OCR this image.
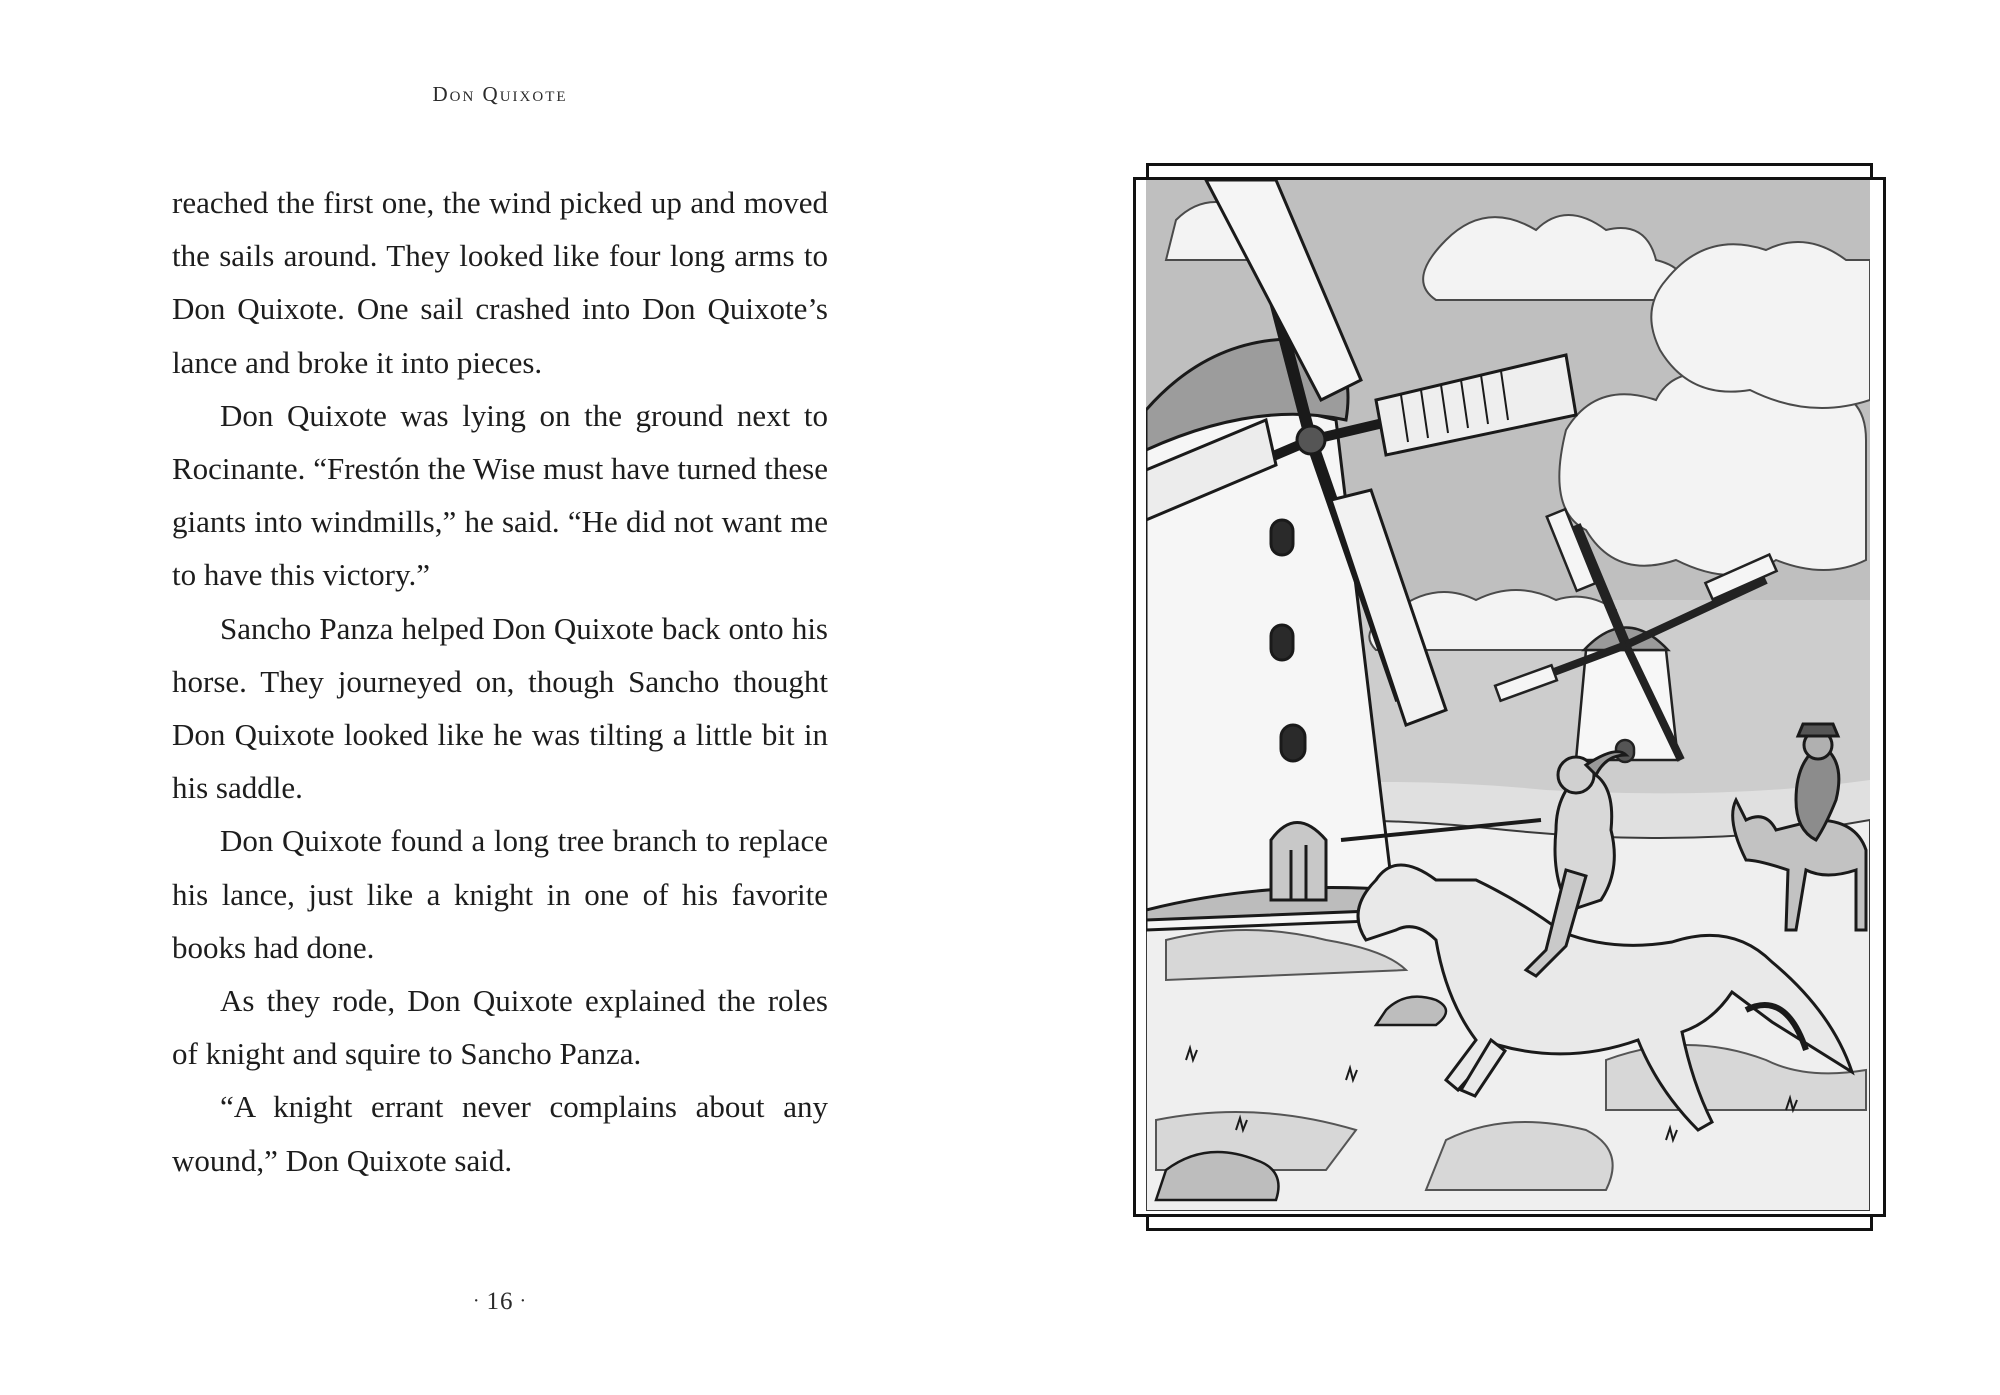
Don Quixote

reached the first one, the wind picked up and moved the sails around. They looked like four long arms to Don Quixote. One sail crashed into Don Quixote’s lance and broke it into pieces.

Don Quixote was lying on the ground next to Rocinante. “Frestón the Wise must have turned these giants into windmills,” he said. “He did not want me to have this victory.”

Sancho Panza helped Don Quixote back onto his horse. They journeyed on, though Sancho thought Don Quixote looked like he was tilting a little bit in his saddle.

Don Quixote found a long tree branch to replace his lance, just like a knight in one of his favorite books had done.

As they rode, Don Quixote explained the roles of knight and squire to Sancho Panza.

“A knight errant never complains about any wound,” Don Quixote said.

· 16 ·
